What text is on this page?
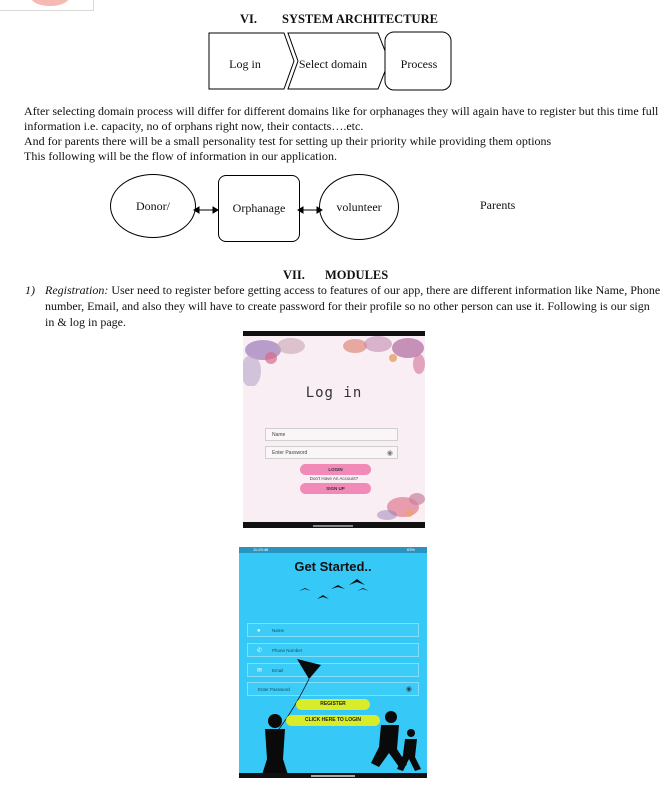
VI. SYSTEM ARCHITECTURE
Log in	Select domain	Process
After selecting domain process will differ for different domains like for orphanages they will again have to register but this time full
information i.e. capacity, no of orphans right now, their contacts….etc.
And for parents there will be a small personality test for setting up their priority while providing them options
This following will be the flow of information in our application.
Donor/	Orphanage	volunteer	Parents
VII. MODULES
1) Registration: User need to register before getting access to features of our app, there are different information like Name, Phone
number, Email, and also they will have to create password for their profile so no other person can use it. Following is our sign
in & log in page.
Log in
Name
Enter Password	◉
LOGIN
Don't Have An Account?
SIGN UP
11:29:46	63%
Get Started..
●	Name
✆ Phone Number
✉ Email
Enter Password	◉
REGISTER
CLICK HERE TO LOGIN
